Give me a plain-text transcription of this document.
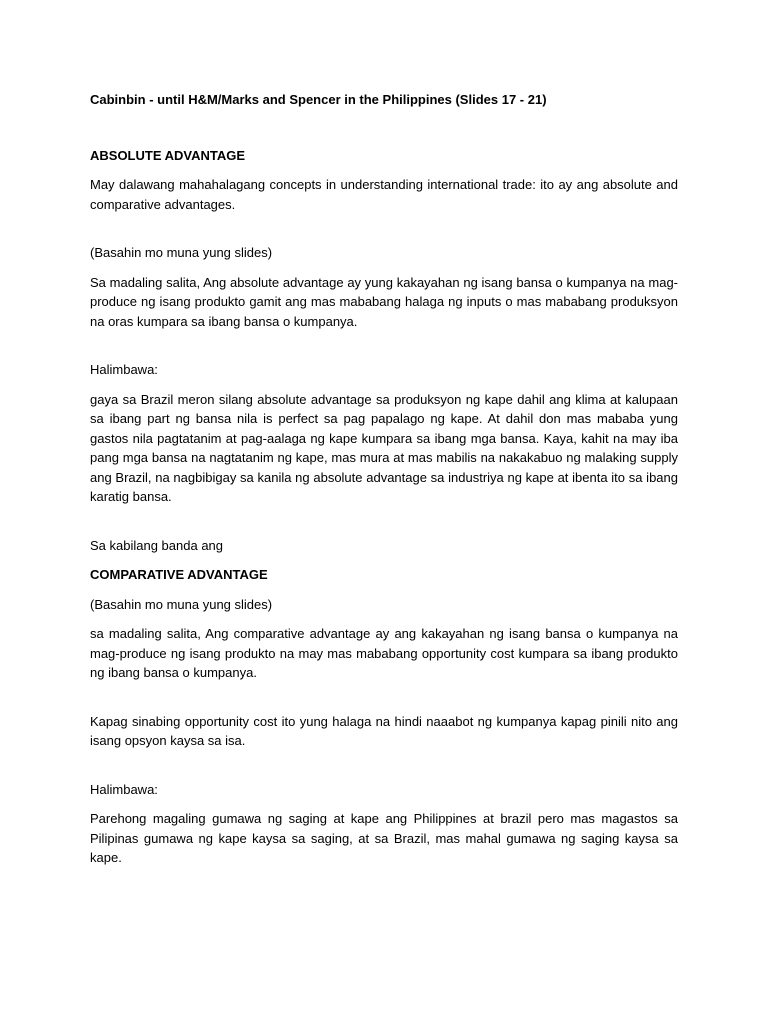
Cabinbin - until H&M/Marks and Spencer in the Philippines (Slides 17 - 21)
ABSOLUTE ADVANTAGE

May dalawang mahahalagang concepts in understanding international trade: ito ay ang absolute and comparative advantages.

(Basahin mo muna yung slides)

Sa madaling salita, Ang absolute advantage ay yung kakayahan ng isang bansa o kumpanya na mag-produce ng isang produkto gamit ang mas mababang halaga ng inputs o mas mababang produksyon na oras kumpara sa ibang bansa o kumpanya.

Halimbawa:

gaya sa Brazil meron silang absolute advantage sa produksyon ng kape dahil ang klima at kalupaan sa ibang part ng bansa nila is perfect sa pag papalago ng kape. At dahil don mas mababa yung gastos nila pagtatanim at pag-aalaga ng kape kumpara sa ibang mga bansa. Kaya, kahit na may iba pang mga bansa na nagtatanim ng kape, mas mura at mas mabilis na nakakabuo ng malaking supply ang Brazil, na nagbibigay sa kanila ng absolute advantage sa industriya ng kape at ibenta ito sa ibang karatig bansa.

Sa kabilang banda ang

COMPARATIVE ADVANTAGE

(Basahin mo muna yung slides)

sa madaling salita, Ang comparative advantage ay ang kakayahan ng isang bansa o kumpanya na mag-produce ng isang produkto na may mas mababang opportunity cost kumpara sa ibang produkto ng ibang bansa o kumpanya.

Kapag sinabing opportunity cost ito yung halaga na hindi naaabot ng kumpanya kapag pinili nito ang isang opsyon kaysa sa isa.

Halimbawa:

Parehong magaling gumawa ng saging at kape ang Philippines at brazil pero mas magastos sa Pilipinas gumawa ng kape kaysa sa saging, at sa Brazil, mas mahal gumawa ng saging kaysa sa kape.
